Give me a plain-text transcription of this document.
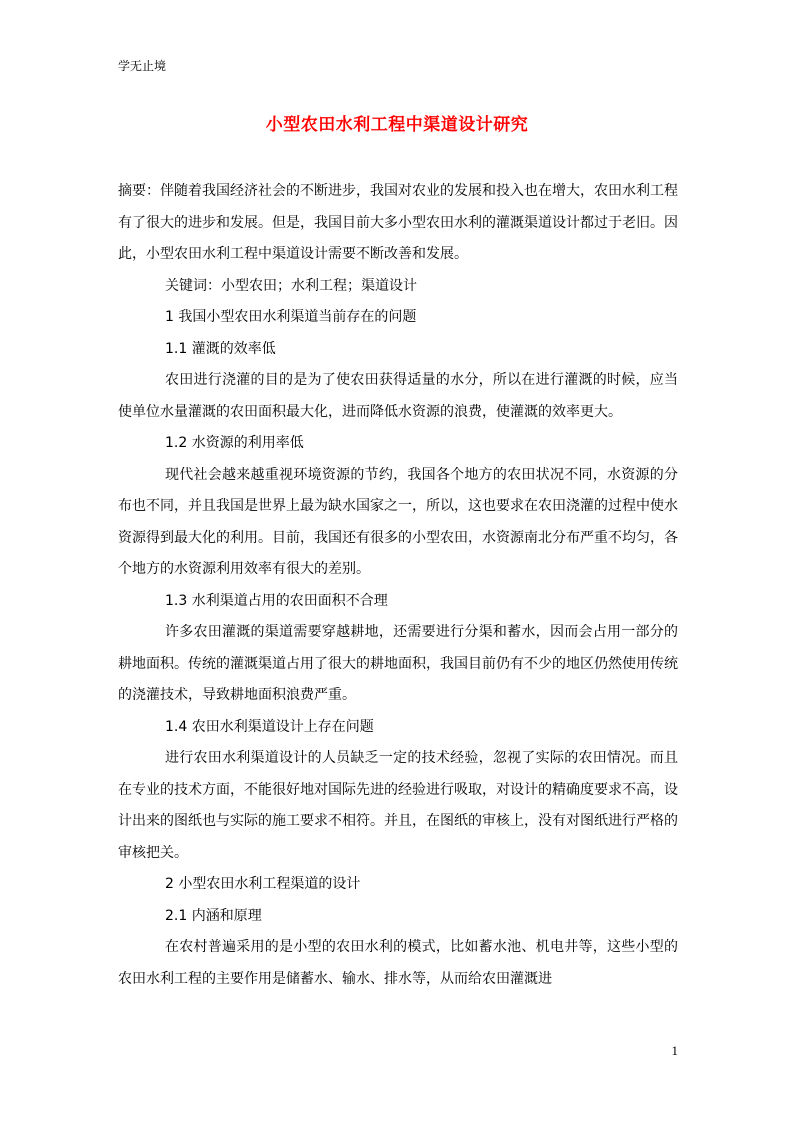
学无止境
小型农田水利工程中渠道设计研究

摘要：伴随着我国经济社会的不断进步，我国对农业的发展和投入也在增大，农田水利工程有了很大的进步和发展。但是，我国目前大多小型农田水利的灌溉渠道设计都过于老旧。因此，小型农田水利工程中渠道设计需要不断改善和发展。

关键词：小型农田；水利工程；渠道设计

1 我国小型农田水利渠道当前存在的问题

1.1 灌溉的效率低

农田进行浇灌的目的是为了使农田获得适量的水分，所以在进行灌溉的时候，应当使单位水量灌溉的农田面积最大化，进而降低水资源的浪费，使灌溉的效率更大。

1.2 水资源的利用率低

现代社会越来越重视环境资源的节约，我国各个地方的农田状况不同，水资源的分布也不同，并且我国是世界上最为缺水国家之一，所以，这也要求在农田浇灌的过程中使水资源得到最大化的利用。目前，我国还有很多的小型农田，水资源南北分布严重不均匀，各个地方的水资源利用效率有很大的差别。

1.3 水利渠道占用的农田面积不合理

许多农田灌溉的渠道需要穿越耕地，还需要进行分渠和蓄水，因而会占用一部分的耕地面积。传统的灌溉渠道占用了很大的耕地面积，我国目前仍有不少的地区仍然使用传统的浇灌技术，导致耕地面积浪费严重。

1.4 农田水利渠道设计上存在问题

进行农田水利渠道设计的人员缺乏一定的技术经验，忽视了实际的农田情况。而且在专业的技术方面，不能很好地对国际先进的经验进行吸取，对设计的精确度要求不高，设计出来的图纸也与实际的施工要求不相符。并且，在图纸的审核上，没有对图纸进行严格的审核把关。

2 小型农田水利工程渠道的设计

2.1 内涵和原理

在农村普遍采用的是小型的农田水利的模式，比如蓄水池、机电井等，这些小型的农田水利工程的主要作用是储蓄水、输水、排水等，从而给农田灌溉进

1
